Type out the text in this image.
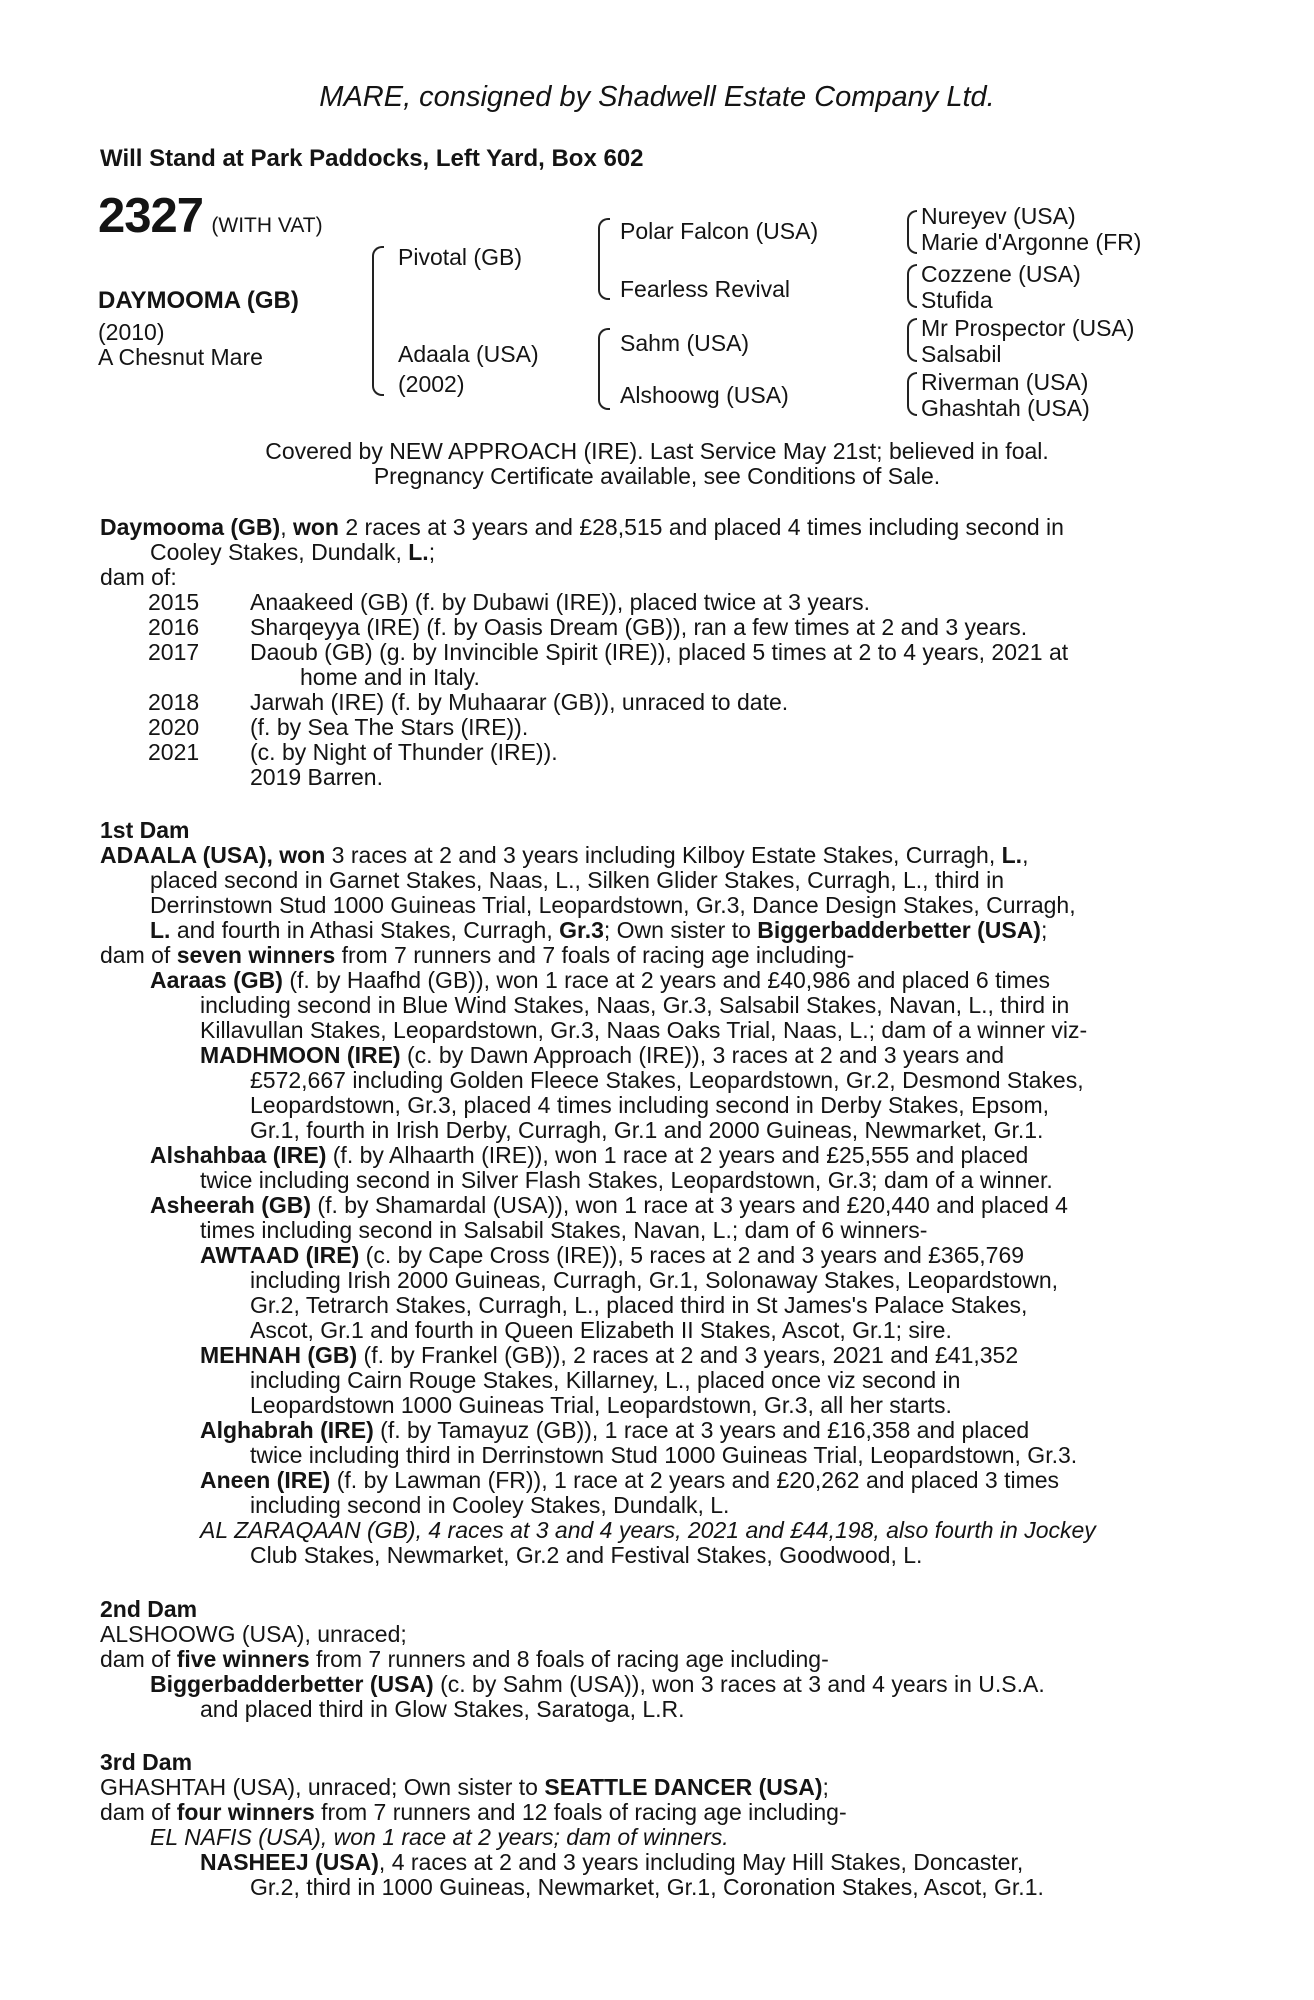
MARE, consigned by Shadwell Estate Company Ltd.
Will Stand at Park Paddocks, Left Yard, Box 602
2327 (WITH VAT)
DAYMOOMA (GB)
(2010)
A Chesnut Mare
Pivotal (GB)
Adaala (USA)
(2002)
Polar Falcon (USA)
Fearless Revival
Sahm (USA)
Alshoowg (USA)
Nureyev (USA)
Marie d'Argonne (FR)
Cozzene (USA)
Stufida
Mr Prospector (USA)
Salsabil
Riverman (USA)
Ghashtah (USA)
Covered by NEW APPROACH (IRE). Last Service May 21st; believed in foal.
Pregnancy Certificate available, see Conditions of Sale.
Daymooma (GB), won 2 races at 3 years and £28,515 and placed 4 times including second in
Cooley Stakes, Dundalk, L.;
dam of:
2015 Anaakeed (GB) (f. by Dubawi (IRE)), placed twice at 3 years.
2016 Sharqeyya (IRE) (f. by Oasis Dream (GB)), ran a few times at 2 and 3 years.
2017 Daoub (GB) (g. by Invincible Spirit (IRE)), placed 5 times at 2 to 4 years, 2021 at
home and in Italy.
2018 Jarwah (IRE) (f. by Muhaarar (GB)), unraced to date.
2020 (f. by Sea The Stars (IRE)).
2021 (c. by Night of Thunder (IRE)).
2019 Barren.
1st Dam
ADAALA (USA), won 3 races at 2 and 3 years including Kilboy Estate Stakes, Curragh, L.,
placed second in Garnet Stakes, Naas, L., Silken Glider Stakes, Curragh, L., third in
Derrinstown Stud 1000 Guineas Trial, Leopardstown, Gr.3, Dance Design Stakes, Curragh,
L. and fourth in Athasi Stakes, Curragh, Gr.3; Own sister to Biggerbadderbetter (USA);
dam of seven winners from 7 runners and 7 foals of racing age including-
Aaraas (GB) (f. by Haafhd (GB)), won 1 race at 2 years and £40,986 and placed 6 times
including second in Blue Wind Stakes, Naas, Gr.3, Salsabil Stakes, Navan, L., third in
Killavullan Stakes, Leopardstown, Gr.3, Naas Oaks Trial, Naas, L.; dam of a winner viz-
MADHMOON (IRE) (c. by Dawn Approach (IRE)), 3 races at 2 and 3 years and
£572,667 including Golden Fleece Stakes, Leopardstown, Gr.2, Desmond Stakes,
Leopardstown, Gr.3, placed 4 times including second in Derby Stakes, Epsom,
Gr.1, fourth in Irish Derby, Curragh, Gr.1 and 2000 Guineas, Newmarket, Gr.1.
Alshahbaa (IRE) (f. by Alhaarth (IRE)), won 1 race at 2 years and £25,555 and placed
twice including second in Silver Flash Stakes, Leopardstown, Gr.3; dam of a winner.
Asheerah (GB) (f. by Shamardal (USA)), won 1 race at 3 years and £20,440 and placed 4
times including second in Salsabil Stakes, Navan, L.; dam of 6 winners-
AWTAAD (IRE) (c. by Cape Cross (IRE)), 5 races at 2 and 3 years and £365,769
including Irish 2000 Guineas, Curragh, Gr.1, Solonaway Stakes, Leopardstown,
Gr.2, Tetrarch Stakes, Curragh, L., placed third in St James's Palace Stakes,
Ascot, Gr.1 and fourth in Queen Elizabeth II Stakes, Ascot, Gr.1; sire.
MEHNAH (GB) (f. by Frankel (GB)), 2 races at 2 and 3 years, 2021 and £41,352
including Cairn Rouge Stakes, Killarney, L., placed once viz second in
Leopardstown 1000 Guineas Trial, Leopardstown, Gr.3, all her starts.
Alghabrah (IRE) (f. by Tamayuz (GB)), 1 race at 3 years and £16,358 and placed
twice including third in Derrinstown Stud 1000 Guineas Trial, Leopardstown, Gr.3.
Aneen (IRE) (f. by Lawman (FR)), 1 race at 2 years and £20,262 and placed 3 times
including second in Cooley Stakes, Dundalk, L.
AL ZARAQAAN (GB), 4 races at 3 and 4 years, 2021 and £44,198, also fourth in Jockey
Club Stakes, Newmarket, Gr.2 and Festival Stakes, Goodwood, L.
2nd Dam
ALSHOOWG (USA), unraced;
dam of five winners from 7 runners and 8 foals of racing age including-
Biggerbadderbetter (USA) (c. by Sahm (USA)), won 3 races at 3 and 4 years in U.S.A.
and placed third in Glow Stakes, Saratoga, L.R.
3rd Dam
GHASHTAH (USA), unraced; Own sister to SEATTLE DANCER (USA);
dam of four winners from 7 runners and 12 foals of racing age including-
EL NAFIS (USA), won 1 race at 2 years; dam of winners.
NASHEEJ (USA), 4 races at 2 and 3 years including May Hill Stakes, Doncaster,
Gr.2, third in 1000 Guineas, Newmarket, Gr.1, Coronation Stakes, Ascot, Gr.1.
